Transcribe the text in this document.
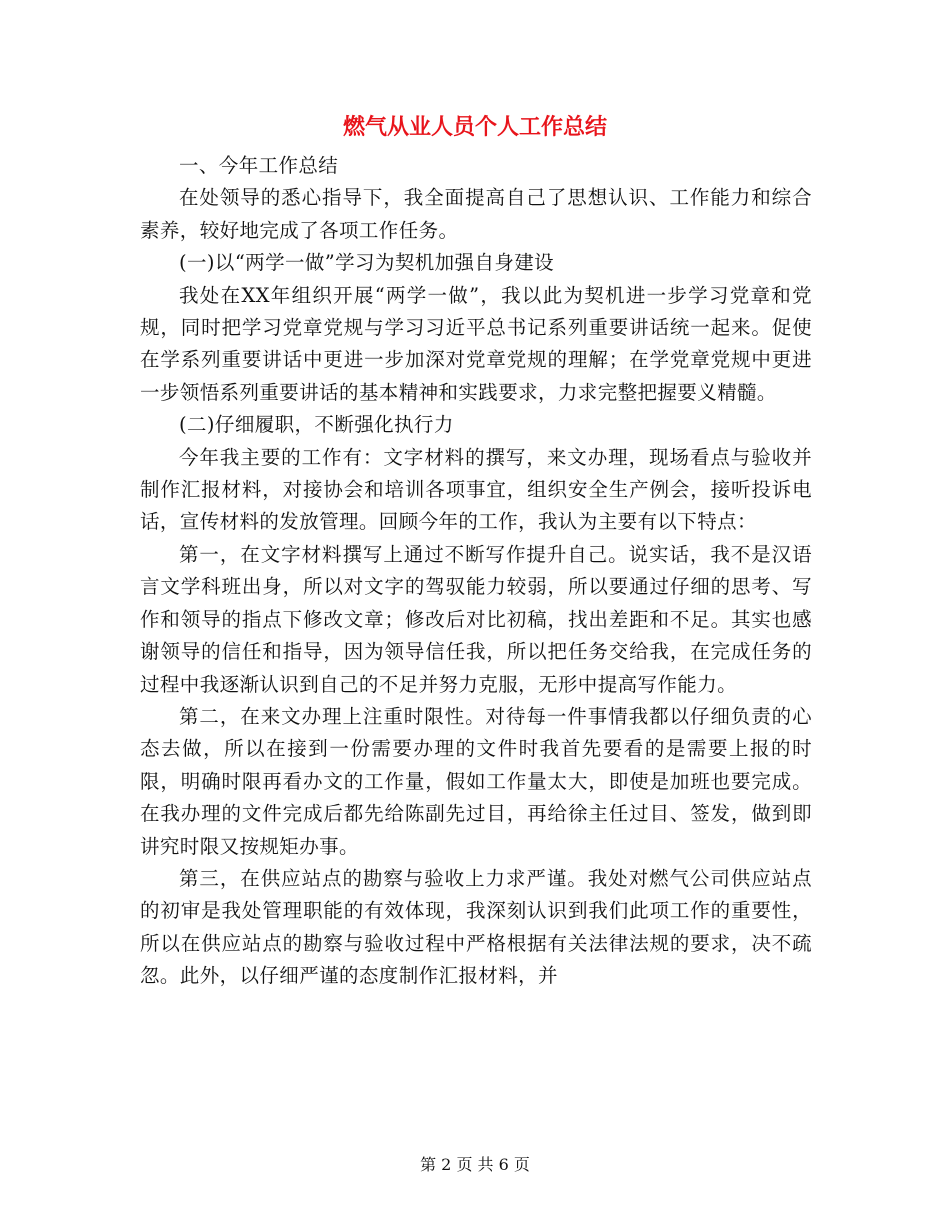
燃气从业人员个人工作总结

一、今年工作总结

在处领导的悉心指导下，我全面提高自己了思想认识、工作能力和综合素养，较好地完成了各项工作任务。

(一)以“两学一做”学习为契机加强自身建设

我处在XX年组织开展“两学一做”，我以此为契机进一步学习党章和党规，同时把学习党章党规与学习习近平总书记系列重要讲话统一起来。促使在学系列重要讲话中更进一步加深对党章党规的理解；在学党章党规中更进一步领悟系列重要讲话的基本精神和实践要求，力求完整把握要义精髓。

(二)仔细履职，不断强化执行力

今年我主要的工作有：文字材料的撰写，来文办理，现场看点与验收并制作汇报材料，对接协会和培训各项事宜，组织安全生产例会，接听投诉电话，宣传材料的发放管理。回顾今年的工作，我认为主要有以下特点：

第一，在文字材料撰写上通过不断写作提升自己。说实话，我不是汉语言文学科班出身，所以对文字的驾驭能力较弱，所以要通过仔细的思考、写作和领导的指点下修改文章；修改后对比初稿，找出差距和不足。其实也感谢领导的信任和指导，因为领导信任我，所以把任务交给我，在完成任务的过程中我逐渐认识到自己的不足并努力克服，无形中提高写作能力。

第二，在来文办理上注重时限性。对待每一件事情我都以仔细负责的心态去做，所以在接到一份需要办理的文件时我首先要看的是需要上报的时限，明确时限再看办文的工作量，假如工作量太大，即使是加班也要完成。在我办理的文件完成后都先给陈副先过目，再给徐主任过目、签发，做到即讲究时限又按规矩办事。

第三，在供应站点的勘察与验收上力求严谨。我处对燃气公司供应站点的初审是我处管理职能的有效体现，我深刻认识到我们此项工作的重要性，所以在供应站点的勘察与验收过程中严格根据有关法律法规的要求，决不疏忽。此外，以仔细严谨的态度制作汇报材料，并

第 2 页 共 6 页
